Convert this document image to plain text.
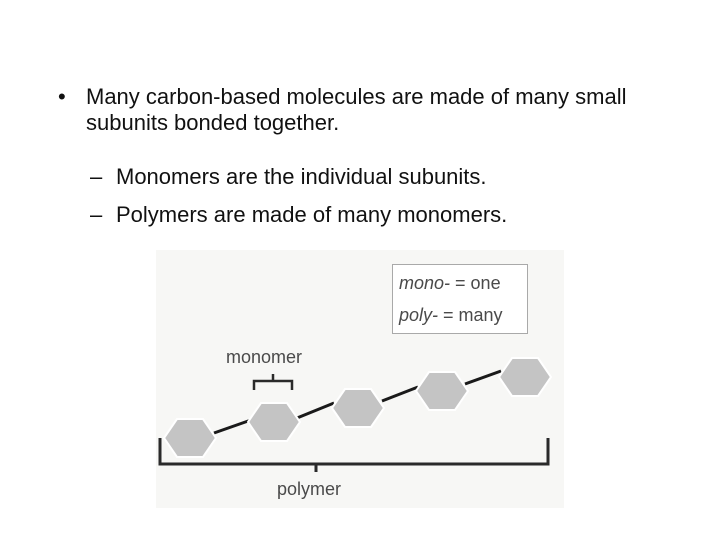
• Many carbon-based molecules are made of many small subunits bonded together.
– Monomers are the individual subunits.
– Polymers are made of many monomers.
mono- = one
poly- = many
monomer
polymer
